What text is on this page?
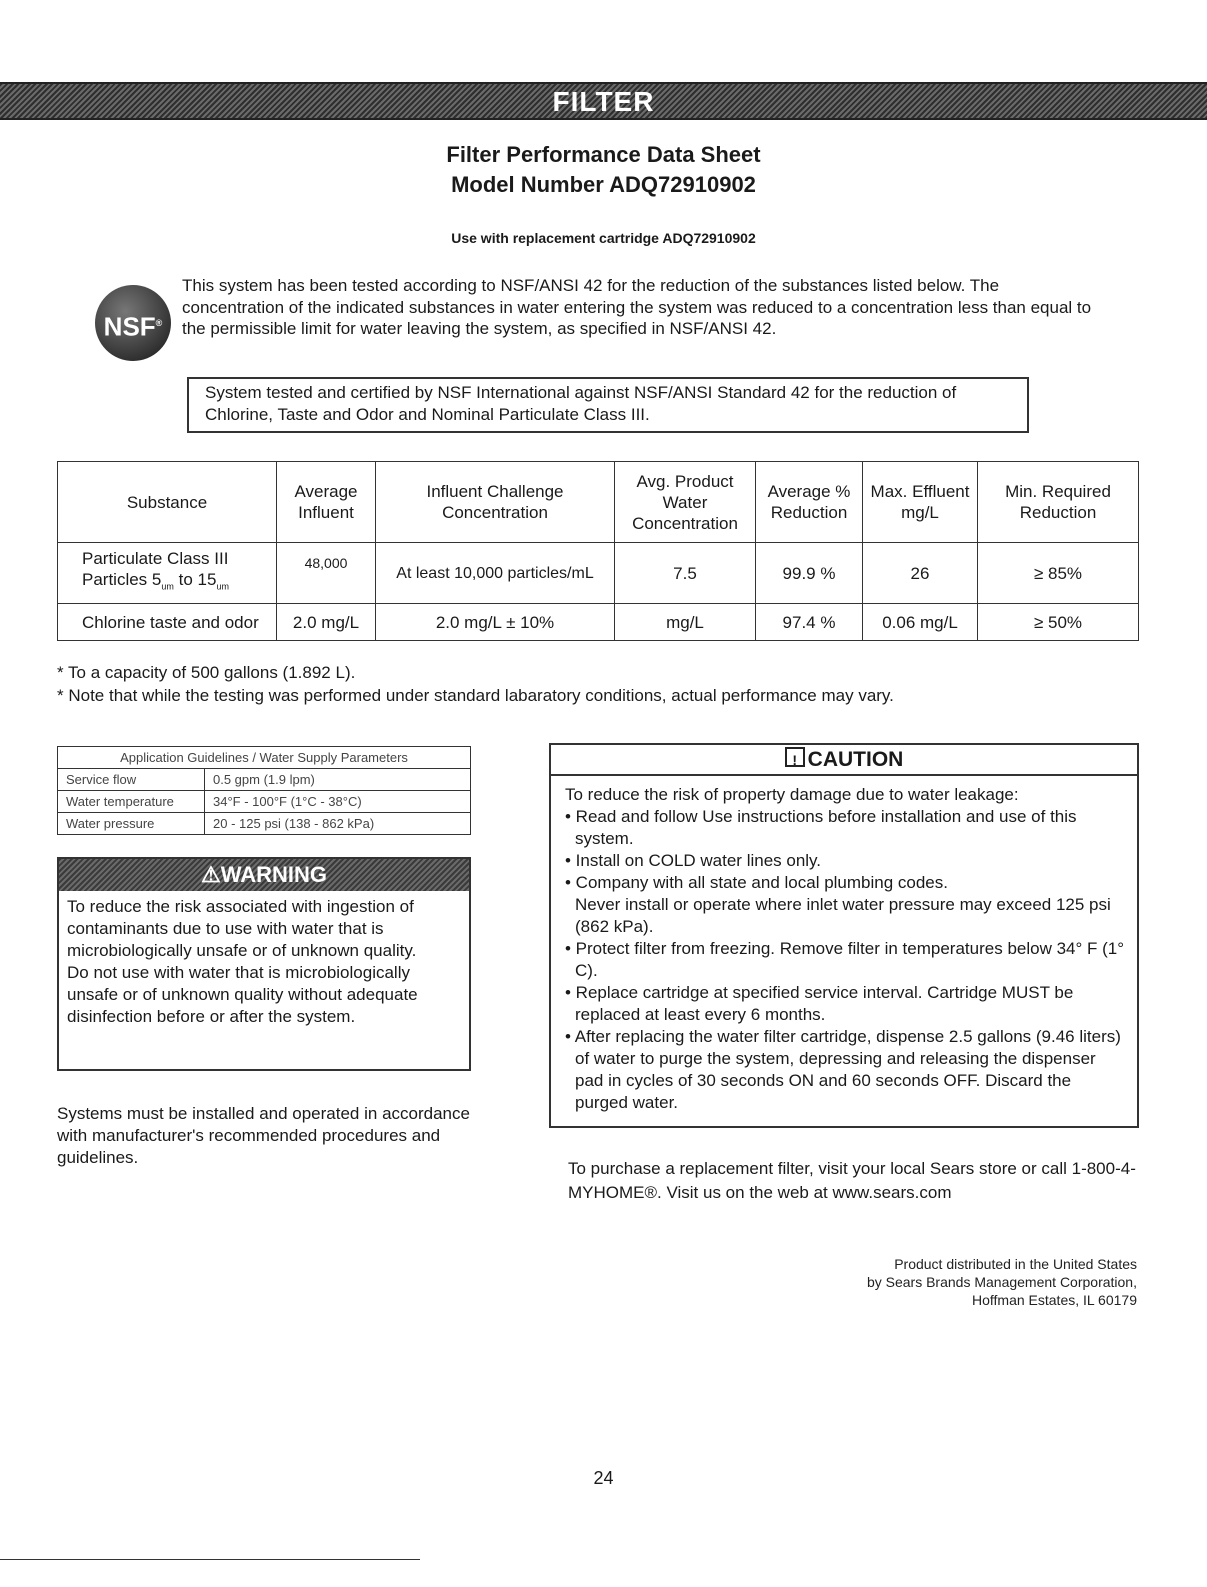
FILTER
Filter Performance Data Sheet
Model Number ADQ72910902
Use with replacement cartridge ADQ72910902
This system has been tested according to NSF/ANSI 42 for the reduction of the substances listed below. The concentration of the indicated substances in water entering the system was reduced to a concentration less than equal to the permissible limit for water leaving the system, as specified in NSF/ANSI 42.
NSF®
System tested and certified by NSF International against NSF/ANSI Standard 42 for the reduction of Chlorine, Taste and Odor and Nominal Particulate Class III.
Substance	Average Influent	Influent Challenge Concentration	Avg. Product Water Concentration	Average % Reduction	Max. Effluent mg/L	Min. Required Reduction

Particulate Class III
Particles $5_{um}$ to $15_{um}$	48,000	At least 10,000 particles/mL	7.5	99.9 %	26	≥ 85%
Chlorine taste and odor	2.0 mg/L	2.0 mg/L ± 10%	mg/L	97.4 %	0.06 mg/L	≥ 50%
* To a capacity of 500 gallons (1.892 L).
* Note that while the testing was performed under standard labaratory conditions, actual performance may vary.
Application Guidelines / Water Supply Parameters	
Service flow	0.5 gpm (1.9 lpm)
Water temperature	34°F - 100°F (1°C - 38°C)
Water pressure	20 - 125 psi (138 - 862 kPa)
⚠WARNING
To reduce the risk associated with ingestion of contaminants due to use with water that is microbiologically unsafe or of unknown quality.
Do not use with water that is microbiologically unsafe or of unknown quality without adequate disinfection before or after the system.
Systems must be installed and operated in accordance with manufacturer's recommended procedures and guidelines.
!CAUTION
To reduce the risk of property damage due to water leakage:
• Read and follow Use instructions before installation and use of this system.
• Install on COLD water lines only.
• Company with all state and local plumbing codes.
Never install or operate where inlet water pressure may exceed 125 psi (862 kPa).
• Protect filter from freezing. Remove filter in temperatures below 34° F (1° C).
• Replace cartridge at specified service interval. Cartridge MUST be replaced at least every 6 months.
• After replacing the water filter cartridge, dispense 2.5 gallons (9.46 liters) of water to purge the system, depressing and releasing the dispenser pad in cycles of 30 seconds ON and 60 seconds OFF. Discard the purged water.
To purchase a replacement filter, visit your local Sears store or call 1-800-4-MYHOME®. Visit us on the web at www.sears.com
Product distributed in the United States
by Sears Brands Management Corporation,
Hoffman Estates, IL 60179
24
